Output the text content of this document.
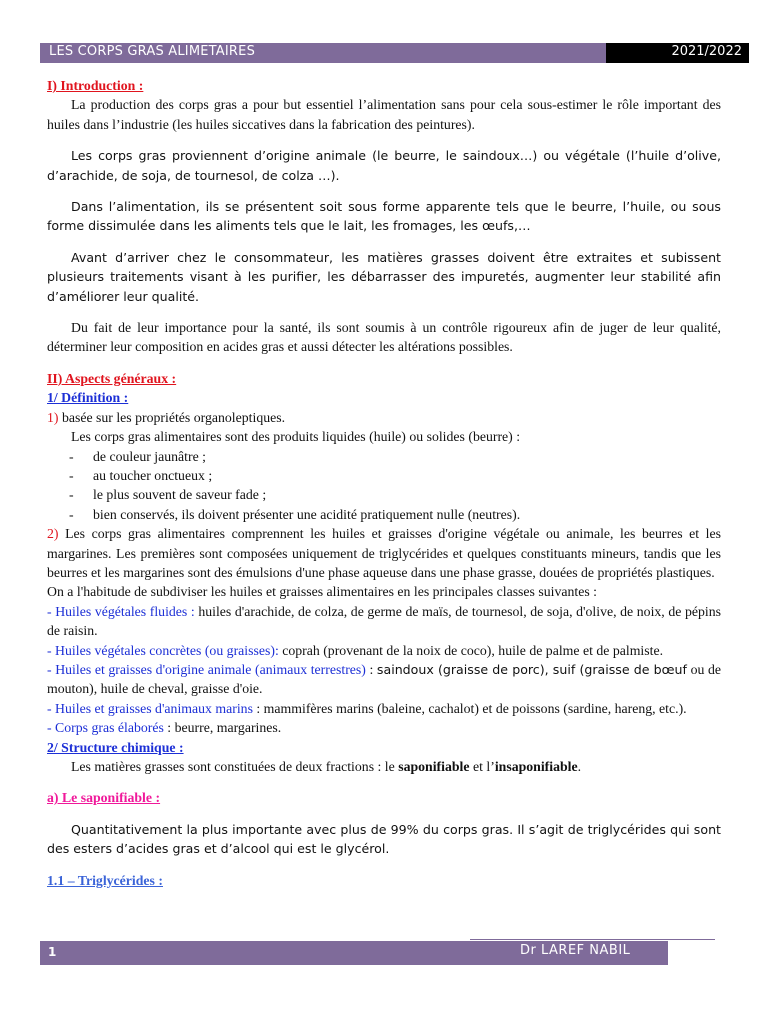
LES CORPS GRAS ALIMETAIRES	2021/2022

I) Introduction :

La production des corps gras a pour but essentiel l’alimentation sans pour cela sous-estimer le rôle important des huiles dans l’industrie (les huiles siccatives dans la fabrication des peintures).

Les corps gras proviennent d’origine animale (le beurre, le saindoux…) ou végétale (l’huile d’olive, d’arachide, de soja, de tournesol, de colza …).

Dans l’alimentation, ils se présentent soit sous forme apparente tels que le beurre, l’huile, ou sous forme dissimulée dans les aliments tels que le lait, les fromages, les œufs,…

Avant d’arriver chez le consommateur, les matières grasses doivent être extraites et subissent plusieurs traitements visant à les purifier, les débarrasser des impuretés, augmenter leur stabilité afin d’améliorer leur qualité.

Du fait de leur importance pour la santé, ils sont soumis à un contrôle rigoureux afin de juger de leur qualité, déterminer leur composition en acides gras et aussi détecter les altérations possibles.

II) Aspects généraux :

1/ Définition :

1) basée sur les propriétés organoleptiques.

Les corps gras alimentaires sont des produits liquides (huile) ou solides (beurre) :

- de couleur jaunâtre ;
- au toucher onctueux ;
- le plus souvent de saveur fade ;
- bien conservés, ils doivent présenter une acidité pratiquement nulle (neutres).

2) Les corps gras alimentaires comprennent les huiles et graisses d'origine végétale ou animale, les beurres et les margarines. Les premières sont composées uniquement de triglycérides et quelques constituants mineurs, tandis que les beurres et les margarines sont des émulsions d'une phase aqueuse dans une phase grasse, douées de propriétés plastiques.

On a l'habitude de subdiviser les huiles et graisses alimentaires en les principales classes suivantes :

- Huiles végétales fluides : huiles d'arachide, de colza, de germe de maïs, de tournesol, de soja, d'olive, de noix, de pépins de raisin.

- Huiles végétales concrètes (ou graisses): coprah (provenant de la noix de coco), huile de palme et de palmiste.

- Huiles et graisses d'origine animale (animaux terrestres) : saindoux (graisse de porc), suif (graisse de bœuf ou de mouton), huile de cheval, graisse d'oie.

- Huiles et graisses d'animaux marins : mammifères marins (baleine, cachalot) et de poissons (sardine, hareng, etc.).

- Corps gras élaborés : beurre, margarines.

2/ Structure chimique :

Les matières grasses sont constituées de deux fractions : le saponifiable et l’insaponifiable.

a) Le saponifiable :

Quantitativement la plus importante avec plus de 99% du corps gras. Il s’agit de triglycérides qui sont des esters d’acides gras et d’alcool qui est le glycérol.

1.1 – Triglycérides :

1	Dr LAREF NABIL
